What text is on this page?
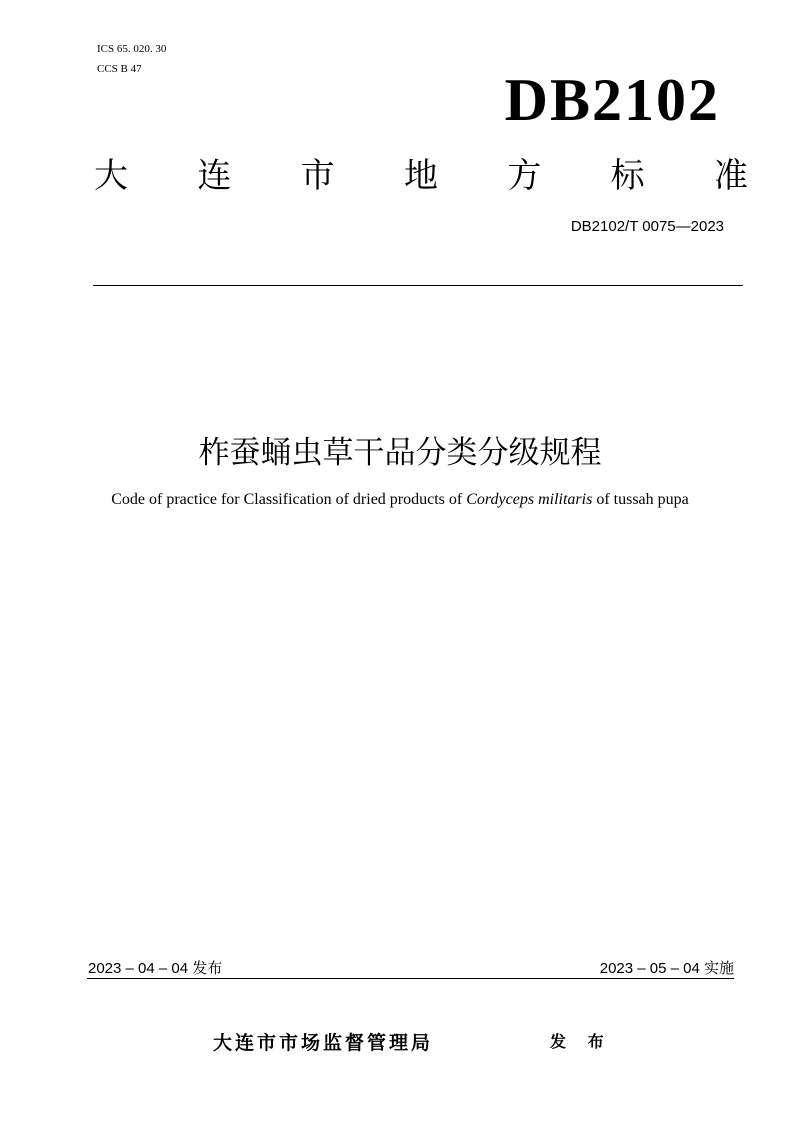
ICS 65. 020. 30
CCS B 47	DB2102
大 连 市 地 方 标 准
DB2102/T 0075—2023
柞蚕蛹虫草干品分类分级规程
Code of practice for Classification of dried products of Cordyceps militaris of tussah pupa
2023 – 04 – 04 发布	2023 – 05 – 04 实施
大连市市场监督管理局	发 布
